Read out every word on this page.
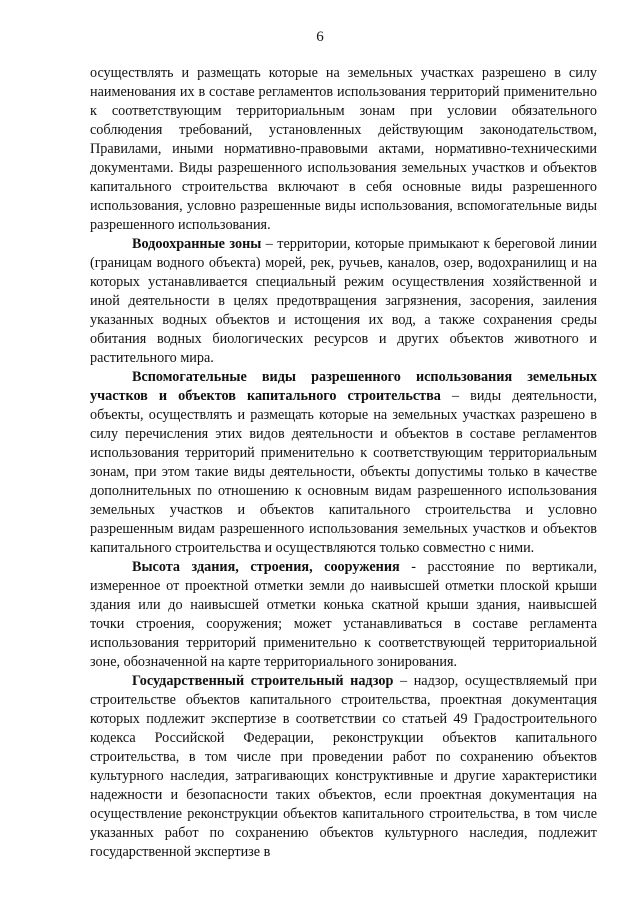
6

осуществлять и размещать которые на земельных участках разрешено в силу наименования их в составе регламентов использования территорий применительно к соответствующим территориальным зонам при условии обязательного соблюдения требований, установленных действующим законодательством, Правилами, иными нормативно-правовыми актами, нормативно-техническими документами. Виды разрешенного использования земельных участков и объектов капитального строительства включают в себя основные виды разрешенного использования, условно разрешенные виды использования, вспомогательные виды разрешенного использования.

Водоохранные зоны – территории, которые примыкают к береговой линии (границам водного объекта) морей, рек, ручьев, каналов, озер, водохранилищ и на которых устанавливается специальный режим осуществления хозяйственной и иной деятельности в целях предотвращения загрязнения, засорения, заиления указанных водных объектов и истощения их вод, а также сохранения среды обитания водных биологических ресурсов и других объектов животного и растительного мира.

Вспомогательные виды разрешенного использования земельных участков и объектов капитального строительства – виды деятельности, объекты, осуществлять и размещать которые на земельных участках разрешено в силу перечисления этих видов деятельности и объектов в составе регламентов использования территорий применительно к соответствующим территориальным зонам, при этом такие виды деятельности, объекты допустимы только в качестве дополнительных по отношению к основным видам разрешенного использования земельных участков и объектов капитального строительства и условно разрешенным видам разрешенного использования земельных участков и объектов капитального строительства и осуществляются только совместно с ними.

Высота здания, строения, сооружения - расстояние по вертикали, измеренное от проектной отметки земли до наивысшей отметки плоской крыши здания или до наивысшей отметки конька скатной крыши здания, наивысшей точки строения, сооружения; может устанавливаться в составе регламента использования территорий применительно к соответствующей территориальной зоне, обозначенной на карте территориального зонирования.

Государственный строительный надзор – надзор, осуществляемый при строительстве объектов капитального строительства, проектная документация которых подлежит экспертизе в соответствии со статьей 49 Градостроительного кодекса Российской Федерации, реконструкции объектов капитального строительства, в том числе при проведении работ по сохранению объектов культурного наследия, затрагивающих конструктивные и другие характеристики надежности и безопасности таких объектов, если проектная документация на осуществление реконструкции объектов капитального строительства, в том числе указанных работ по сохранению объектов культурного наследия, подлежит государственной экспертизе в
